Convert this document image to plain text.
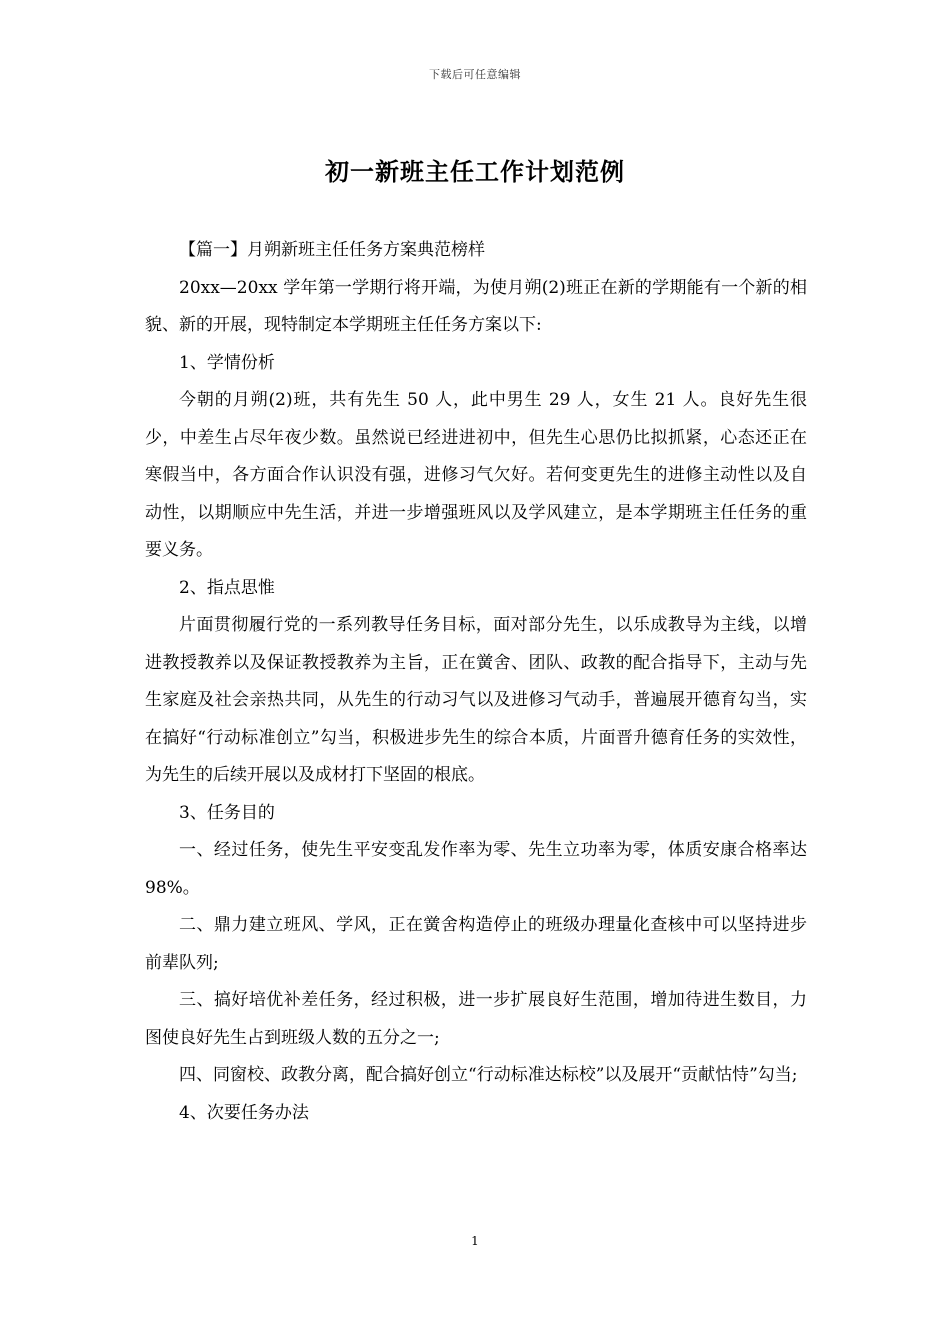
下载后可任意编辑
初一新班主任工作计划范例

【篇一】月朔新班主任任务方案典范榜样

20xx—20xx 学年第一学期行将开端，为使月朔(2)班正在新的学期能有一个新的相貌、新的开展，现特制定本学期班主任任务方案以下:

1、学情份析

今朝的月朔(2)班，共有先生 50 人，此中男生 29 人，女生 21 人。良好先生很少，中差生占尽年夜少数。虽然说已经进进初中，但先生心思仍比拟抓紧，心态还正在寒假当中，各方面合作认识没有强，进修习气欠好。若何变更先生的进修主动性以及自动性，以期顺应中先生活，并进一步增强班风以及学风建立，是本学期班主任任务的重要义务。

2、指点思惟

片面贯彻履行党的一系列教导任务目标，面对部分先生，以乐成教导为主线，以增进教授教养以及保证教授教养为主旨，正在黉舍、团队、政教的配合指导下，主动与先生家庭及社会亲热共同，从先生的行动习气以及进修习气动手，普遍展开德育勾当，实在搞好“行动标准创立”勾当，积极进步先生的综合本质，片面晋升德育任务的实效性，为先生的后续开展以及成材打下坚固的根底。

3、任务目的

一、经过任务，使先生平安变乱发作率为零、先生立功率为零，体质安康合格率达 98%。

二、鼎力建立班风、学风，正在黉舍构造停止的班级办理量化查核中可以坚持进步前辈队列;

三、搞好培优补差任务，经过积极，进一步扩展良好生范围，增加待进生数目，力图使良好先生占到班级人数的五分之一;

四、同窗校、政教分离，配合搞好创立“行动标准达标校”以及展开“贡献怙恃”勾当;

4、次要任务办法

1
